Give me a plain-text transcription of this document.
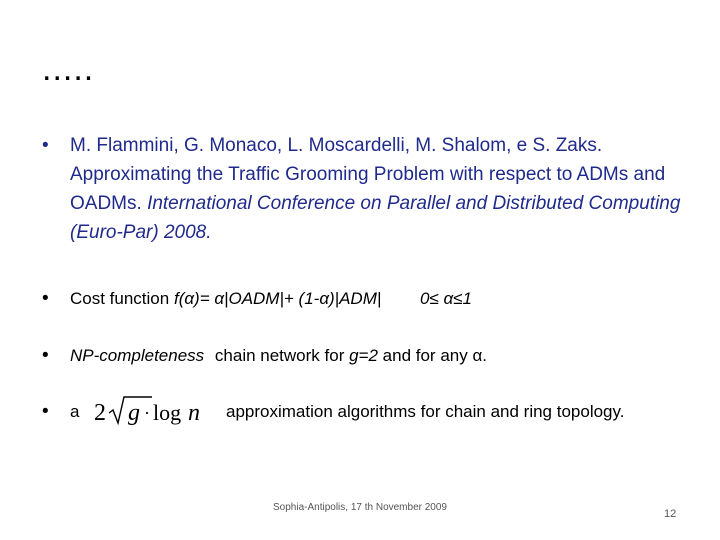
.....
• M. Flammini, G. Monaco, L. Moscardelli, M. Shalom, e S. Zaks. Approximating the Traffic Grooming Problem with respect to ADMs and OADMs. International Conference on Parallel and Distributed Computing (Euro-Par) 2008.
• Cost function f(α)= α|OADM|+ (1-α)|ADM| 0≤ α≤1
• NP-completeness chain network for g=2 and for any α.
• a 2 g · log n approximation algorithms for chain and ring topology.
Sophia-Antipolis, 17 th November 2009
12
